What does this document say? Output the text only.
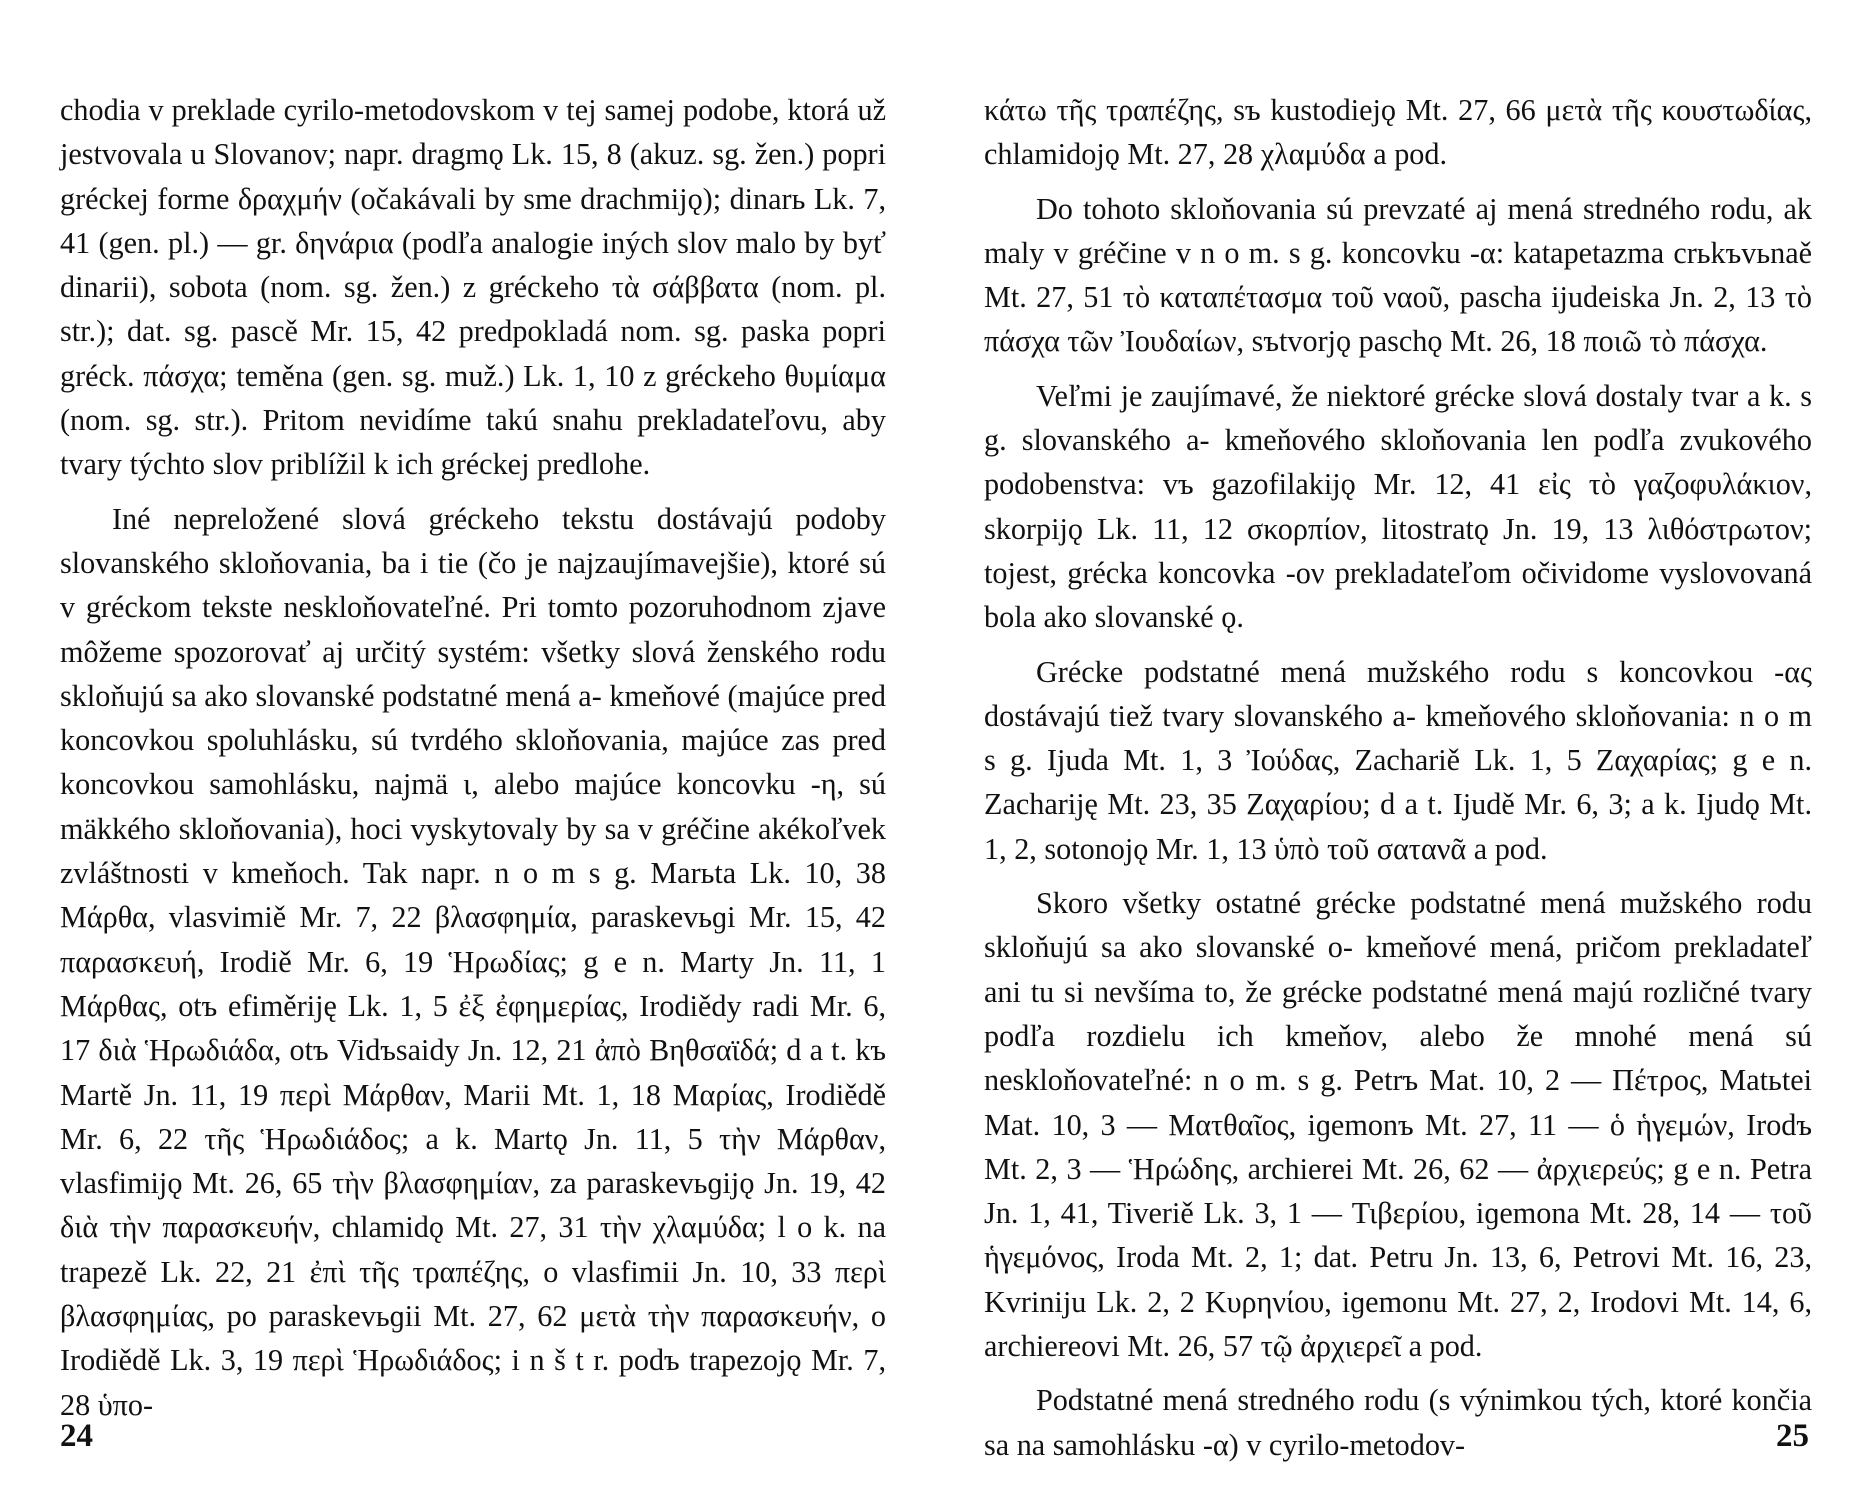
chodia v preklade cyrilo-metodovskom v tej samej podobe, ktorá už jestvovala u Slovanov; napr. dragmǫ Lk. 15, 8 (akuz. sg. žen.) popri gréckej forme δραχμήν (očakávali by sme drachmijǫ); dinarь Lk. 7, 41 (gen. pl.) — gr. δηνάρια (podľa analogie iných slov malo by byť dinarii), sobota (nom. sg. žen.) z gréckeho τὰ σάββατα (nom. pl. str.); dat. sg. pascě Mr. 15, 42 predpokladá nom. sg. paska popri gréck. πάσχα; teměna (gen. sg. muž.) Lk. 1, 10 z gréckeho θυμίαμα (nom. sg. str.). Pritom nevidíme takú snahu prekladateľovu, aby tvary týchto slov priblížil k ich gréckej predlohe.

Iné nepreložené slová gréckeho tekstu dostávajú podoby slovanského skloňovania, ba i tie (čo je najzaujímavejšie), ktoré sú v gréckom tekste neskloňovateľné. Pri tomto pozoruhodnom zjave môžeme spozorovať aj určitý systém: všetky slová ženského rodu skloňujú sa ako slovanské podstatné mená a- kmeňové (majúce pred koncovkou spoluhlásku, sú tvrdého skloňovania, majúce zas pred koncovkou samohlásku, najmä ι, alebo majúce koncovku -η, sú mäkkého skloňovania), hoci vyskytovaly by sa v gréčine akékoľvek zvláštnosti v kmeňoch. Tak napr. n o m s g. Marьta Lk. 10, 38 Μάρθα, vlasvimiě Mr. 7, 22 βλασφημία, paraskevьɡi Mr. 15, 42 παρασκευή, Irodiě Mr. 6, 19 Ἡρωδίας; g e n. Marty Jn. 11, 1 Μάρθας, otъ efiměriję Lk. 1, 5 ἐξ ἐφημερίας, Irodiědy radi Mr. 6, 17 διὰ Ἡρωδιάδα, otъ Vidъsaidy Jn. 12, 21 ἀπὸ Βηθσαϊδά; d a t. kъ Martě Jn. 11, 19 περὶ Μάρθαν, Marii Mt. 1, 18 Μαρίας, Irodiědě Mr. 6, 22 τῆς Ἡρωδιάδος; a k. Martǫ Jn. 11, 5 τὴν Μάρθαν, vlasfimijǫ Mt. 26, 65 τὴν βλασφημίαν, za paraskevьɡijǫ Jn. 19, 42 διὰ τὴν παρασκευήν, chlamidǫ Mt. 27, 31 τὴν χλαμύδα; l o k. na trapezě Lk. 22, 21 ἐπὶ τῆς τραπέζης, o vlasfimii Jn. 10, 33 περὶ βλασφημίας, po paraskevьɡii Mt. 27, 62 μετὰ τὴν παρασκευήν, o Irodiědě Lk. 3, 19 περὶ Ἡρωδιάδος; i n š t r. podъ trapezojǫ Mr. 7, 28 ὑπο-

κάτω τῆς τραπέζης, sъ kustodiejǫ Mt. 27, 66 μετὰ τῆς κουστωδίας, chlamidojǫ Mt. 27, 28 χλαμύδα a pod.

Do tohoto skloňovania sú prevzaté aj mená stredného rodu, ak maly v gréčine v n o m. s g. koncovku -α: katapetazma crьkъvьnaě Mt. 27, 51 τὸ καταπέτασμα τοῦ ναοῦ, pascha ijudeiska Jn. 2, 13 τὸ πάσχα τῶν Ἰουδαίων, sъtvorjǫ paschǫ Mt. 26, 18 ποιῶ τὸ πάσχα.

Veľmi je zaujímavé, že niektoré grécke slová dostaly tvar a k. s g. slovanského a- kmeňového skloňovania len podľa zvukového podobenstva: vъ gazofilakijǫ Mr. 12, 41 εἰς τὸ γαζοφυλάκιον, skorpijǫ Lk. 11, 12 σκορπίον, litostratǫ Jn. 19, 13 λιθόστρωτον; tojest, grécka koncovka -ον prekladateľom očividome vyslovovaná bola ako slovanské ǫ.

Grécke podstatné mená mužského rodu s koncovkou -ας dostávajú tiež tvary slovanského a- kmeňového skloňovania: n o m s g. Ijuda Mt. 1, 3 Ἰούδας, Zachariě Lk. 1, 5 Ζαχαρίας; g e n. Zachariję Mt. 23, 35 Ζαχαρίου; d a t. Ijudě Mr. 6, 3; a k. Ijudǫ Mt. 1, 2, sotonojǫ Mr. 1, 13 ὑπὸ τοῦ σατανᾶ a pod.

Skoro všetky ostatné grécke podstatné mená mužského rodu skloňujú sa ako slovanské o- kmeňové mená, pričom prekladateľ ani tu si nevšíma to, že grécke podstatné mená majú rozličné tvary podľa rozdielu ich kmeňov, alebo že mnohé mená sú neskloňovateľné: n o m. s g. Petrъ Mat. 10, 2 — Πέτρος, Matьtei Mat. 10, 3 — Ματθαῖος, iɡemonъ Mt. 27, 11 — ὁ ἡγεμών, Irodъ Mt. 2, 3 — Ἡρώδης, archierei Mt. 26, 62 — ἀρχιερεύς; g e n. Petra Jn. 1, 41, Tiveriě Lk. 3, 1 — Τιβερίου, iɡemona Mt. 28, 14 — τοῦ ἡγεμόνος, Iroda Mt. 2, 1; dat. Petru Jn. 13, 6, Petrovi Mt. 16, 23, Kvriniju Lk. 2, 2 Κυρηνίου, iɡemonu Mt. 27, 2, Irodovi Mt. 14, 6, archiereovi Mt. 26, 57 τῷ ἀρχιερεῖ a pod.

Podstatné mená stredného rodu (s výnimkou tých, ktoré končia sa na samohlásku -α) v cyrilo-metodov-

24	25
